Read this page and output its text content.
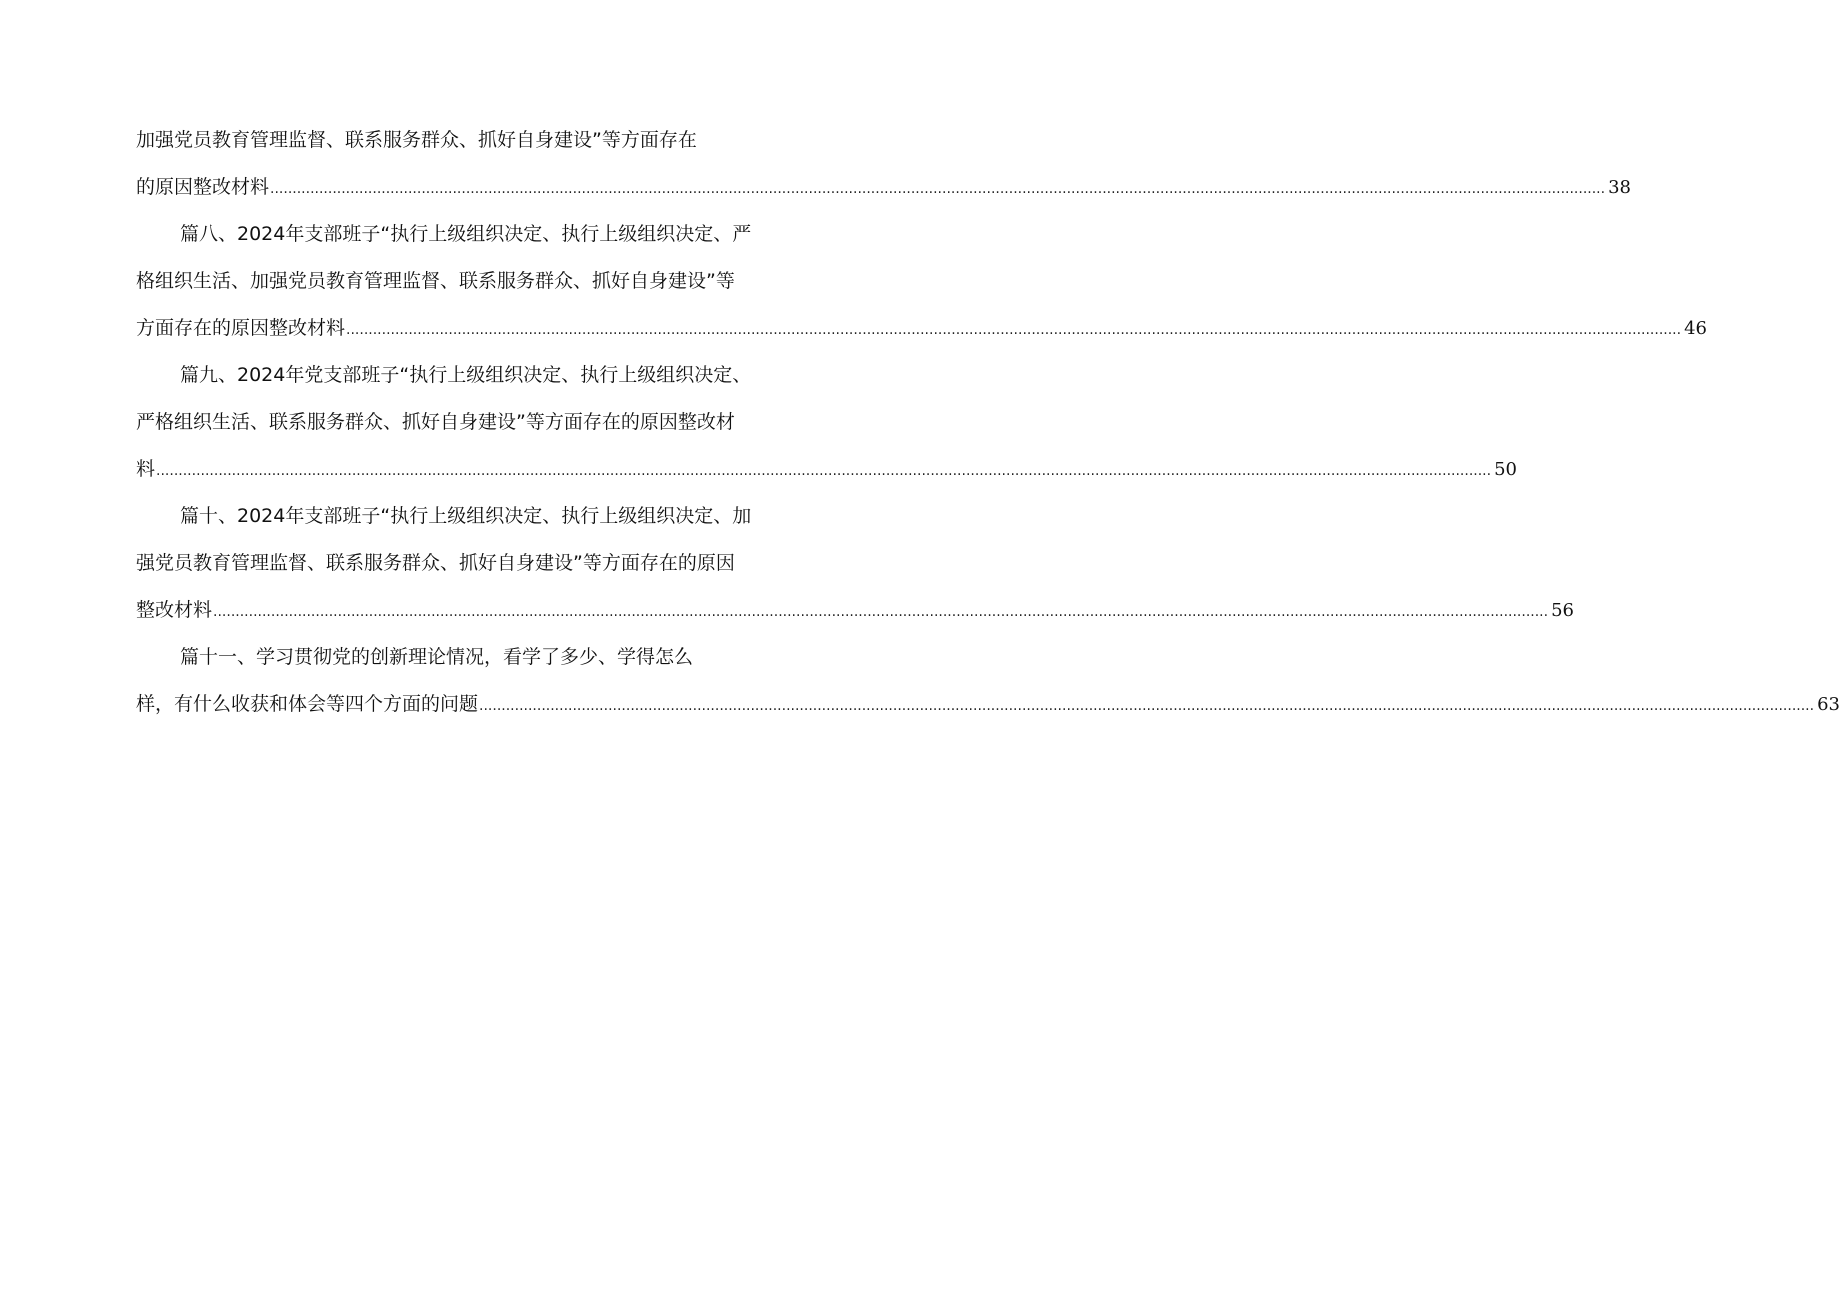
加强党员教育管理监督、联系服务群众、抓好自身建设”等方面存在
的原因整改材料 ............................................................................................................................................................................................................................................................................................................ 38
篇八、2024年支部班子“执行上级组织决定、执行上级组织决定、严
格组织生活、加强党员教育管理监督、联系服务群众、抓好自身建设”等
方面存在的原因整改材料 ............................................................................................................................................................................................................................................................................................................ 46
篇九、2024年党支部班子“执行上级组织决定、执行上级组织决定、
严格组织生活、联系服务群众、抓好自身建设”等方面存在的原因整改材
料 ............................................................................................................................................................................................................................................................................................................ 50
篇十、2024年支部班子“执行上级组织决定、执行上级组织决定、加
强党员教育管理监督、联系服务群众、抓好自身建设”等方面存在的原因
整改材料 ............................................................................................................................................................................................................................................................................................................ 56
篇十一、学习贯彻党的创新理论情况，看学了多少、学得怎么
样，有什么收获和体会等四个方面的问题 ............................................................................................................................................................................................................................................................................................................ 63
